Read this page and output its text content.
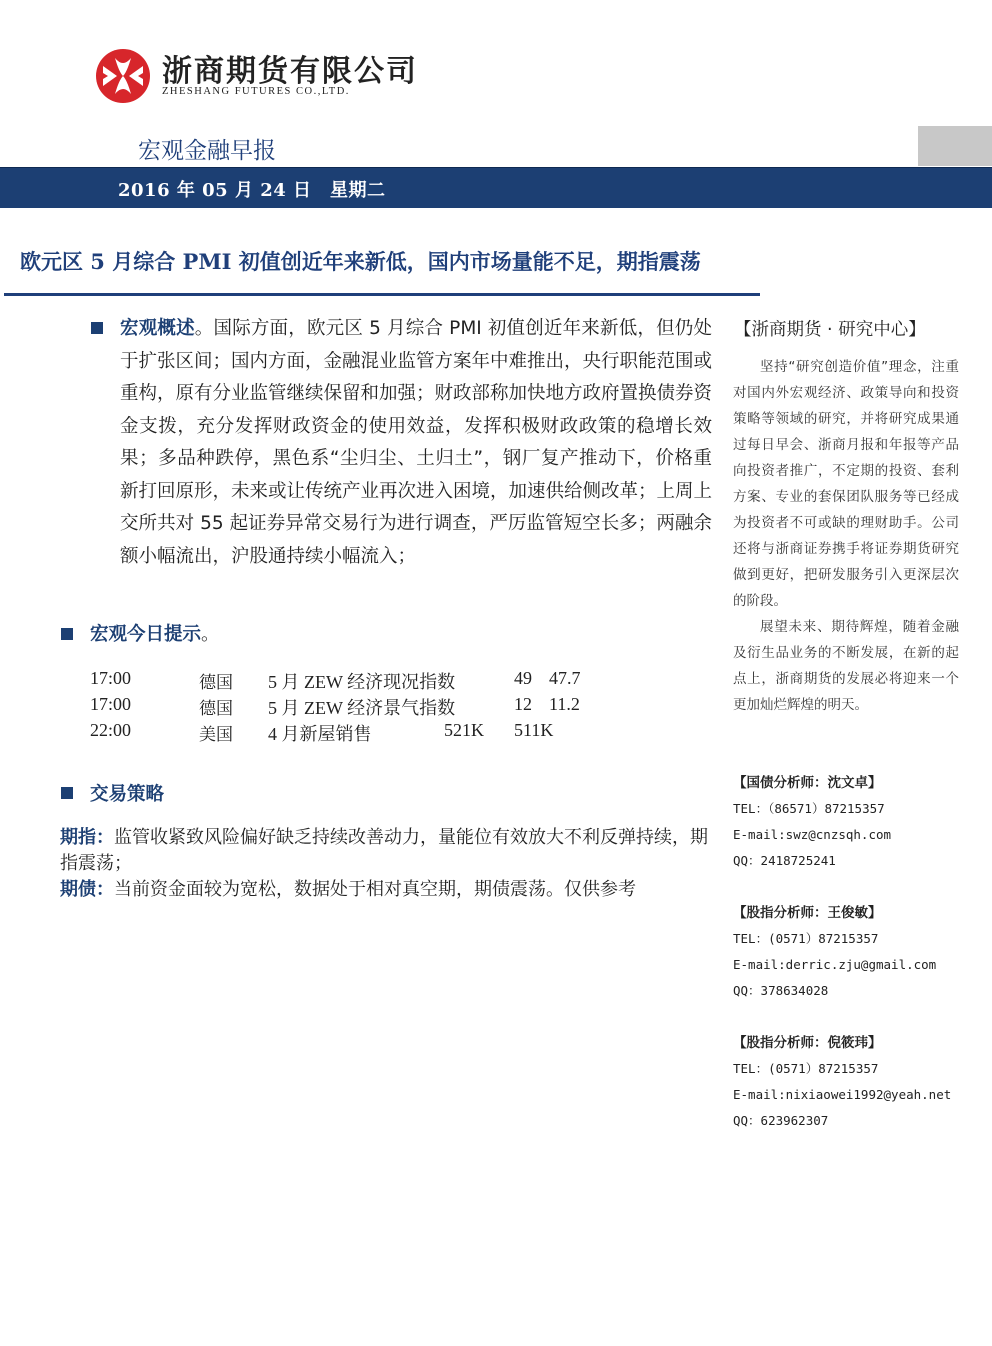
浙商期货有限公司
ZHESHANG FUTURES CO.,LTD.
宏观金融早报
2016 年 05 月 24 日　星期二
欧元区 5 月综合 PMI 初值创近年来新低，国内市场量能不足，期指震荡
宏观概述。国际方面，欧元区 5 月综合 PMI 初值创近年来新低，但仍处于扩张区间；国内方面，金融混业监管方案年中难推出，央行职能范围或重构，原有分业监管继续保留和加强；财政部称加快地方政府置换债券资金支拨，充分发挥财政资金的使用效益，发挥积极财政政策的稳增长效果；多品种跌停，黑色系“尘归尘、土归土”，钢厂复产推动下，价格重新打回原形，未来或让传统产业再次进入困境，加速供给侧改革；上周上交所共对 55 起证券异常交易行为进行调查，严厉监管短空长多；两融余额小幅流出，沪股通持续小幅流入；
宏观今日提示。
17:00	德国 5 月 ZEW 经济现况指数	49 47.7
17:00	德国 5 月 ZEW 经济景气指数	12 11.2
22:00	美国 4 月新屋销售	521K 511K
交易策略
期指：监管收紧致风险偏好缺乏持续改善动力，量能位有效放大不利反弹持续，期指震荡；
期债：当前资金面较为宽松，数据处于相对真空期，期债震荡。仅供参考
【浙商期货 · 研究中心】

坚持“研究创造价值”理念，注重对国内外宏观经济、政策导向和投资策略等领域的研究，并将研究成果通过每日早会、浙商月报和年报等产品向投资者推广，不定期的投资、套利方案、专业的套保团队服务等已经成为投资者不可或缺的理财助手。公司还将与浙商证券携手将证券期货研究做到更好，把研发服务引入更深层次的阶段。

展望未来、期待辉煌，随着金融及衍生品业务的不断发展，在新的起点上，浙商期货的发展必将迎来一个更加灿烂辉煌的明天。

【国债分析师：沈文卓】
TEL：（86571）87215357
E-mail:swz@cnzsqh.com
QQ：2418725241
【股指分析师：王俊敏】
TEL：(0571）87215357
E-mail:derric.zju@gmail.com
QQ：378634028
【股指分析师：倪筱玮】
TEL：(0571）87215357
E-mail:nixiaowei1992@yeah.net
QQ：623962307
